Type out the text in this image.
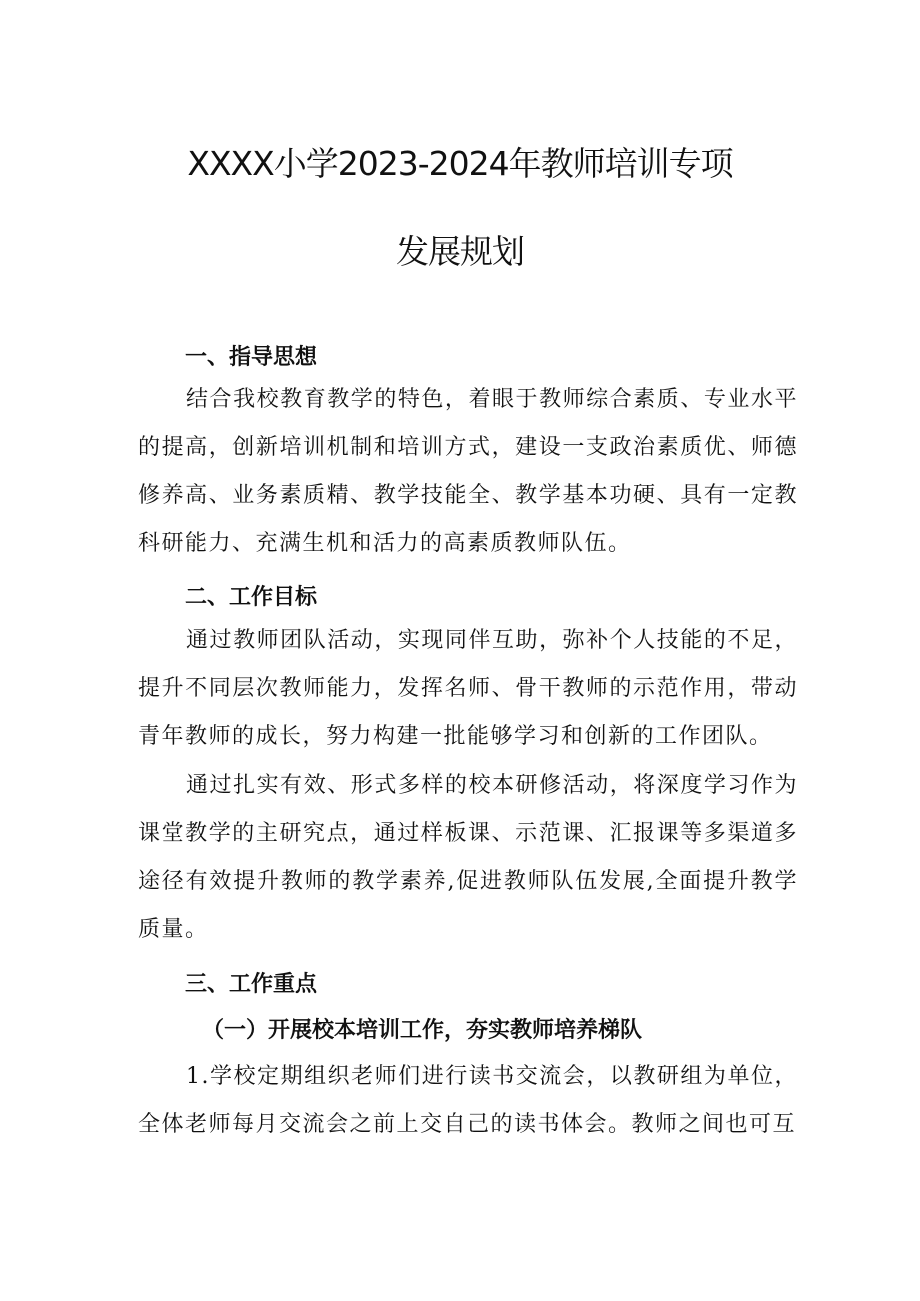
XXXX小学2023-2024年教师培训专项
发展规划
一、指导思想
结合我校教育教学的特色，着眼于教师综合素质、专业水平的提高，创新培训机制和培训方式，建设一支政治素质优、师德修养高、业务素质精、教学技能全、教学基本功硬、具有一定教科研能力、充满生机和活力的高素质教师队伍。
二、工作目标
通过教师团队活动，实现同伴互助，弥补个人技能的不足，提升不同层次教师能力，发挥名师、骨干教师的示范作用，带动青年教师的成长，努力构建一批能够学习和创新的工作团队。
通过扎实有效、形式多样的校本研修活动，将深度学习作为课堂教学的主研究点，通过样板课、示范课、汇报课等多渠道多途径有效提升教师的教学素养,促进教师队伍发展,全面提升教学质量。
三、工作重点
（一）开展校本培训工作，夯实教师培养梯队
1.学校定期组织老师们进行读书交流会，以教研组为单位，全体老师每月交流会之前上交自己的读书体会。教师之间也可互
